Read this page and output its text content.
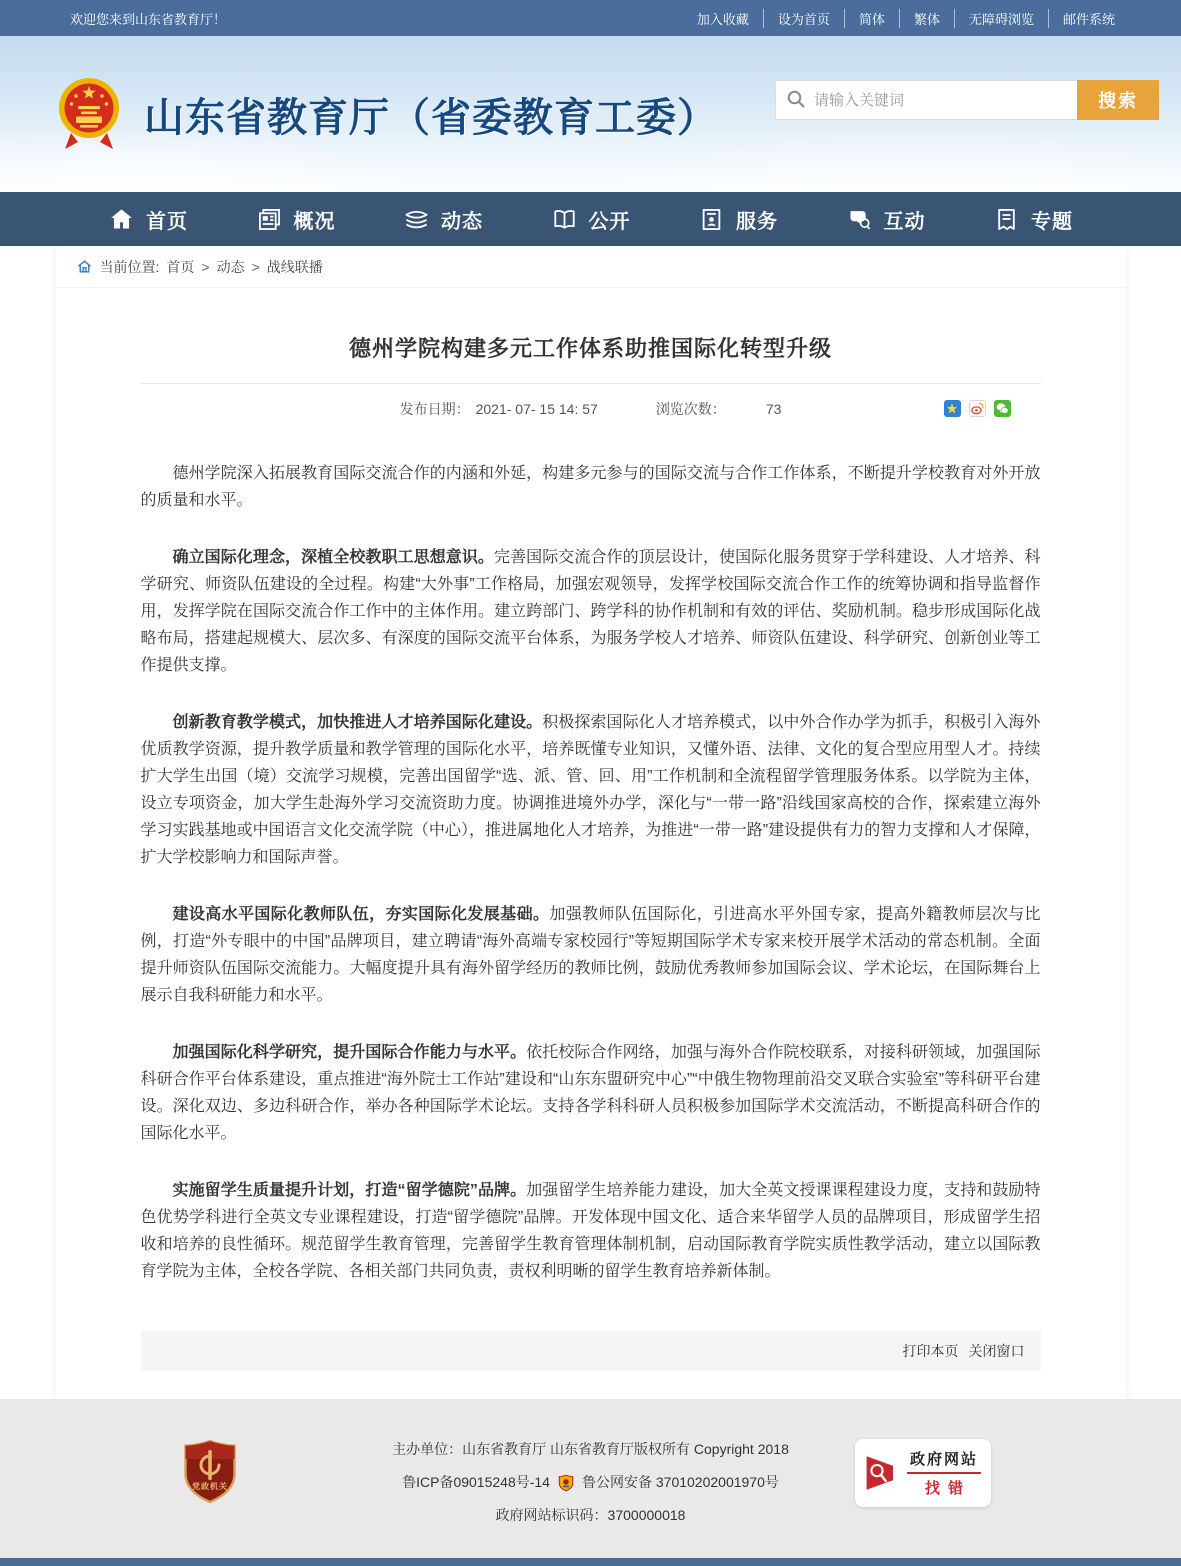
欢迎您来到山东省教育厅！	加入收藏	设为首页	简体	繁体	无障碍浏览	邮件系统
山东省教育厅（省委教育工委）
请输入关键词	搜索
首页	概况	动态	公开	服务	互动	专题
当前位置: 首页 > 动态 > 战线联播
德州学院构建多元工作体系助推国际化转型升级
发布日期： 2021- 07- 15 14: 57	浏览次数：	73

德州学院深入拓展教育国际交流合作的内涵和外延，构建多元参与的国际交流与合作工作体系，不断提升学校教育对外开放的质量和水平。

确立国际化理念，深植全校教职工思想意识。完善国际交流合作的顶层设计，使国际化服务贯穿于学科建设、人才培养、科学研究、师资队伍建设的全过程。构建“大外事”工作格局，加强宏观领导，发挥学校国际交流合作工作的统筹协调和指导监督作用，发挥学院在国际交流合作工作中的主体作用。建立跨部门、跨学科的协作机制和有效的评估、奖励机制。稳步形成国际化战略布局，搭建起规模大、层次多、有深度的国际交流平台体系，为服务学校人才培养、师资队伍建设、科学研究、创新创业等工作提供支撑。

创新教育教学模式，加快推进人才培养国际化建设。积极探索国际化人才培养模式，以中外合作办学为抓手，积极引入海外优质教学资源，提升教学质量和教学管理的国际化水平，培养既懂专业知识，又懂外语、法律、文化的复合型应用型人才。持续扩大学生出国（境）交流学习规模，完善出国留学“选、派、管、回、用”工作机制和全流程留学管理服务体系。以学院为主体，设立专项资金，加大学生赴海外学习交流资助力度。协调推进境外办学，深化与“一带一路”沿线国家高校的合作，探索建立海外学习实践基地或中国语言文化交流学院（中心），推进属地化人才培养，为推进“一带一路”建设提供有力的智力支撑和人才保障，扩大学校影响力和国际声誉。

建设高水平国际化教师队伍，夯实国际化发展基础。加强教师队伍国际化，引进高水平外国专家，提高外籍教师层次与比例，打造“外专眼中的中国”品牌项目，建立聘请“海外高端专家校园行”等短期国际学术专家来校开展学术活动的常态机制。全面提升师资队伍国际交流能力。大幅度提升具有海外留学经历的教师比例，鼓励优秀教师参加国际会议、学术论坛，在国际舞台上展示自我科研能力和水平。

加强国际化科学研究，提升国际合作能力与水平。依托校际合作网络，加强与海外合作院校联系，对接科研领域，加强国际科研合作平台体系建设，重点推进“海外院士工作站”建设和“山东东盟研究中心”“中俄生物物理前沿交叉联合实验室”等科研平台建设。深化双边、多边科研合作，举办各种国际学术论坛。支持各学科科研人员积极参加国际学术交流活动，不断提高科研合作的国际化水平。

实施留学生质量提升计划，打造“留学德院”品牌。加强留学生培养能力建设，加大全英文授课课程建设力度，支持和鼓励特色优势学科进行全英文专业课程建设，打造“留学德院”品牌。开发体现中国文化、适合来华留学人员的品牌项目，形成留学生招收和培养的良性循环。规范留学生教育管理，完善留学生教育管理体制机制，启动国际教育学院实质性教学活动，建立以国际教育学院为主体，全校各学院、各相关部门共同负责，责权利明晰的留学生教育培养新体制。

打印本页 关闭窗口
党政机关
主办单位：山东省教育厅 山东省教育厅版权所有 Copyright 2018
鲁ICP备09015248号-14 鲁公网安备 37010202001970号
政府网站标识码：3700000018
政府网站
找错
